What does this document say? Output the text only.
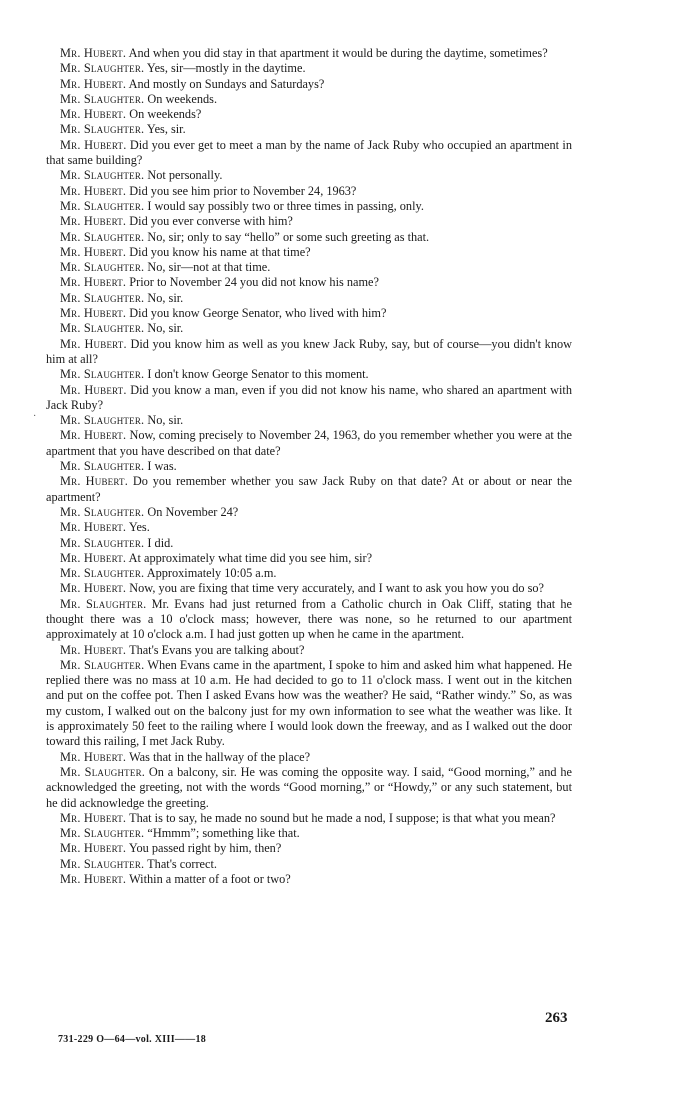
·

Mr. Hubert. And when you did stay in that apartment it would be during the daytime, sometimes?

Mr. Slaughter. Yes, sir—mostly in the daytime.

Mr. Hubert. And mostly on Sundays and Saturdays?

Mr. Slaughter. On weekends.

Mr. Hubert. On weekends?

Mr. Slaughter. Yes, sir.

Mr. Hubert. Did you ever get to meet a man by the name of Jack Ruby who occupied an apartment in that same building?

Mr. Slaughter. Not personally.

Mr. Hubert. Did you see him prior to November 24, 1963?

Mr. Slaughter. I would say possibly two or three times in passing, only.

Mr. Hubert. Did you ever converse with him?

Mr. Slaughter. No, sir; only to say “hello” or some such greeting as that.

Mr. Hubert. Did you know his name at that time?

Mr. Slaughter. No, sir—not at that time.

Mr. Hubert. Prior to November 24 you did not know his name?

Mr. Slaughter. No, sir.

Mr. Hubert. Did you know George Senator, who lived with him?

Mr. Slaughter. No, sir.

Mr. Hubert. Did you know him as well as you knew Jack Ruby, say, but of course—you didn't know him at all?

Mr. Slaughter. I don't know George Senator to this moment.

Mr. Hubert. Did you know a man, even if you did not know his name, who shared an apartment with Jack Ruby?

Mr. Slaughter. No, sir.

Mr. Hubert. Now, coming precisely to November 24, 1963, do you remember whether you were at the apartment that you have described on that date?

Mr. Slaughter. I was.

Mr. Hubert. Do you remember whether you saw Jack Ruby on that date? At or about or near the apartment?

Mr. Slaughter. On November 24?

Mr. Hubert. Yes.

Mr. Slaughter. I did.

Mr. Hubert. At approximately what time did you see him, sir?

Mr. Slaughter. Approximately 10:05 a.m.

Mr. Hubert. Now, you are fixing that time very accurately, and I want to ask you how you do so?

Mr. Slaughter. Mr. Evans had just returned from a Catholic church in Oak Cliff, stating that he thought there was a 10 o'clock mass; however, there was none, so he returned to our apartment approximately at 10 o'clock a.m. I had just gotten up when he came in the apartment.

Mr. Hubert. That's Evans you are talking about?

Mr. Slaughter. When Evans came in the apartment, I spoke to him and asked him what happened. He replied there was no mass at 10 a.m. He had decided to go to 11 o'clock mass. I went out in the kitchen and put on the coffee pot. Then I asked Evans how was the weather? He said, “Rather windy.” So, as was my custom, I walked out on the balcony just for my own information to see what the weather was like. It is approximately 50 feet to the railing where I would look down the freeway, and as I walked out the door toward this railing, I met Jack Ruby.

Mr. Hubert. Was that in the hallway of the place?

Mr. Slaughter. On a balcony, sir. He was coming the opposite way. I said, “Good morning,” and he acknowledged the greeting, not with the words “Good morning,” or “Howdy,” or any such statement, but he did acknowledge the greeting.

Mr. Hubert. That is to say, he made no sound but he made a nod, I suppose; is that what you mean?

Mr. Slaughter. “Hmmm”; something like that.

Mr. Hubert. You passed right by him, then?

Mr. Slaughter. That's correct.

Mr. Hubert. Within a matter of a foot or two?

263
731-229 O—64—vol. XIII——18
